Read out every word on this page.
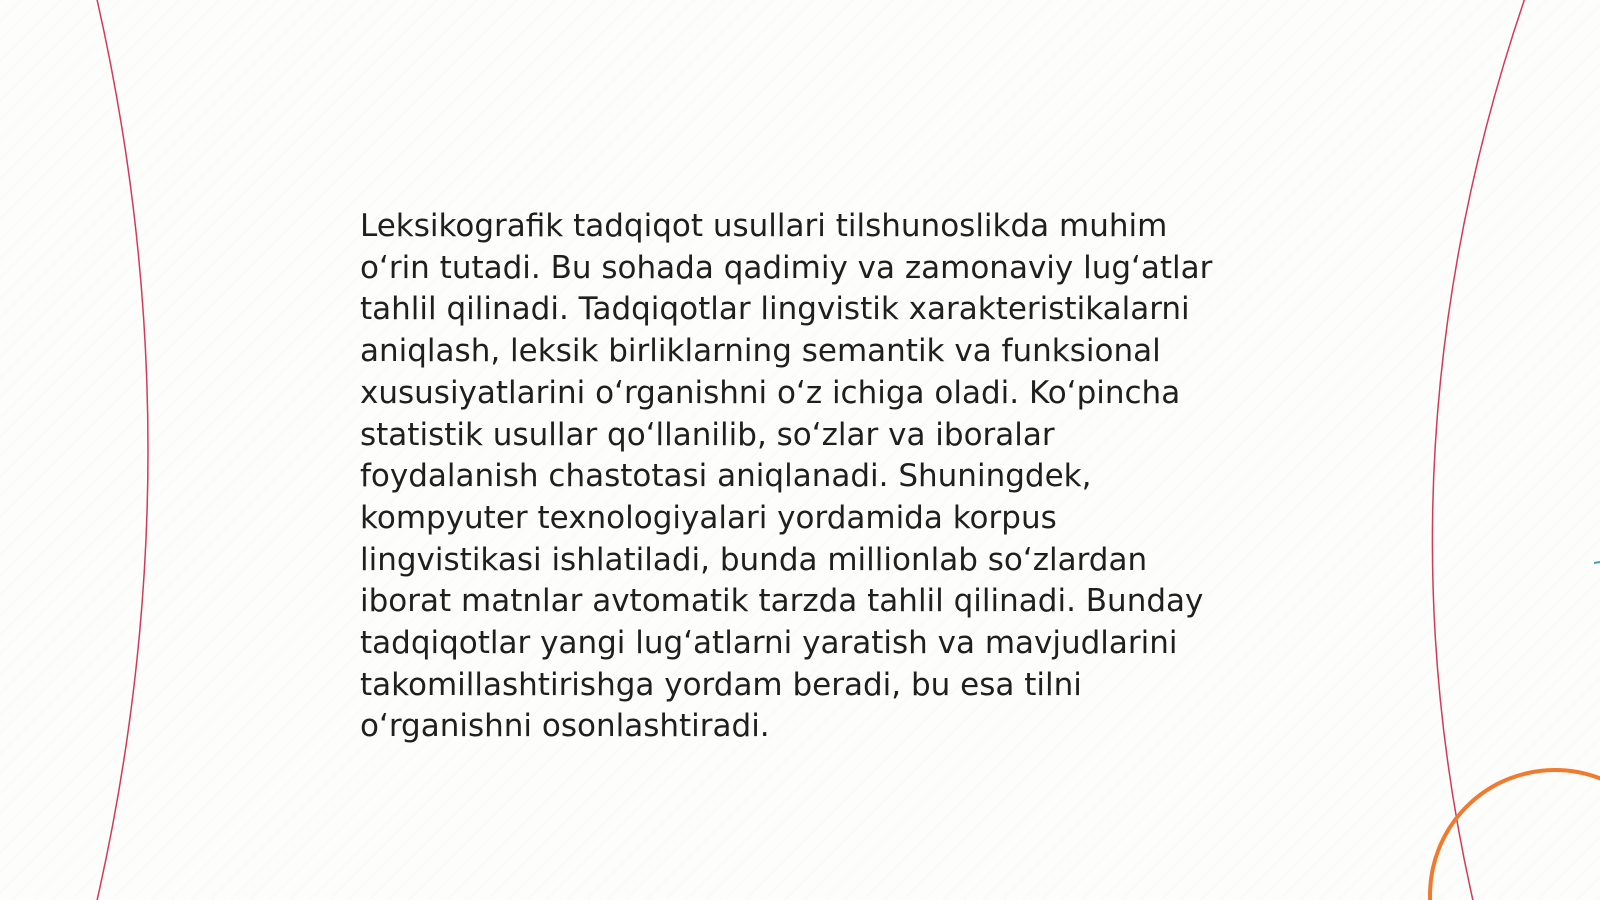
Leksikografik tadqiqot usullari tilshunoslikda muhim
o‘rin tutadi. Bu sohada qadimiy va zamonaviy lug‘atlar
tahlil qilinadi. Tadqiqotlar lingvistik xarakteristikalarni
aniqlash, leksik birliklarning semantik va funksional
xususiyatlarini o‘rganishni o‘z ichiga oladi. Ko‘pincha
statistik usullar qo‘llanilib, so‘zlar va iboralar
foydalanish chastotasi aniqlanadi. Shuningdek,
kompyuter texnologiyalari yordamida korpus
lingvistikasi ishlatiladi, bunda millionlab so‘zlardan
iborat matnlar avtomatik tarzda tahlil qilinadi. Bunday
tadqiqotlar yangi lug‘atlarni yaratish va mavjudlarini
takomillashtirishga yordam beradi, bu esa tilni
o‘rganishni osonlashtiradi.
